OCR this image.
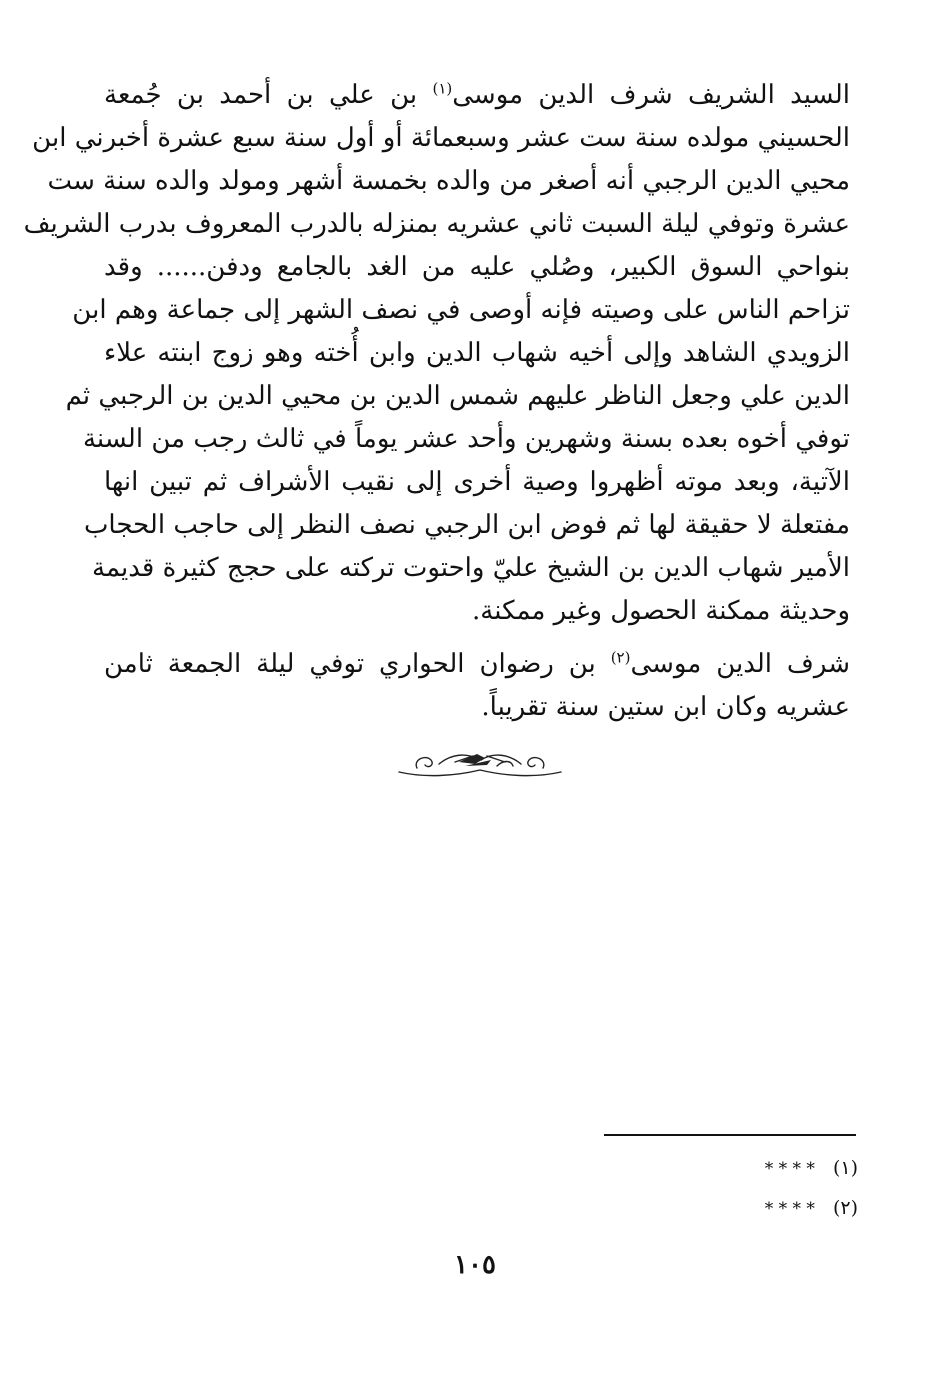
السيد الشريف شرف الدين موسى$^{(١)}$ بن علي بن أحمد بن جُمعة
الحسيني مولده سنة ست عشر وسبعمائة أو أول سنة سبع عشرة أخبرني ابن
محيي الدين الرجبي أنه أصغر من والده بخمسة أشهر ومولد والده سنة ست
عشرة وتوفي ليلة السبت ثاني عشريه بمنزله بالدرب المعروف بدرب الشريف
بنواحي السوق الكبير، وصُلي عليه من الغد بالجامع ودفن...... وقد
تزاحم الناس على وصيته فإنه أوصى في نصف الشهر إلى جماعة وهم ابن
الزويدي الشاهد وإلى أخيه شهاب الدين وابن أُخته وهو زوج ابنته علاء
الدين علي وجعل الناظر عليهم شمس الدين بن محيي الدين بن الرجبي ثم
توفي أخوه بعده بسنة وشهرين وأحد عشر يوماً في ثالث رجب من السنة
الآتية، وبعد موته أظهروا وصية أخرى إلى نقيب الأشراف ثم تبين انها
مفتعلة لا حقيقة لها ثم فوض ابن الرجبي نصف النظر إلى حاجب الحجاب
الأمير شهاب الدين بن الشيخ عليّ واحتوت تركته على حجج كثيرة قديمة
وحديثة ممكنة الحصول وغير ممكنة.
شرف الدين موسى$^{(٢)}$ بن رضوان الحواري توفي ليلة الجمعة ثامن
عشريه وكان ابن ستين سنة تقريباً.
(١)* * * *
(٢)* * * *
١٠٥
